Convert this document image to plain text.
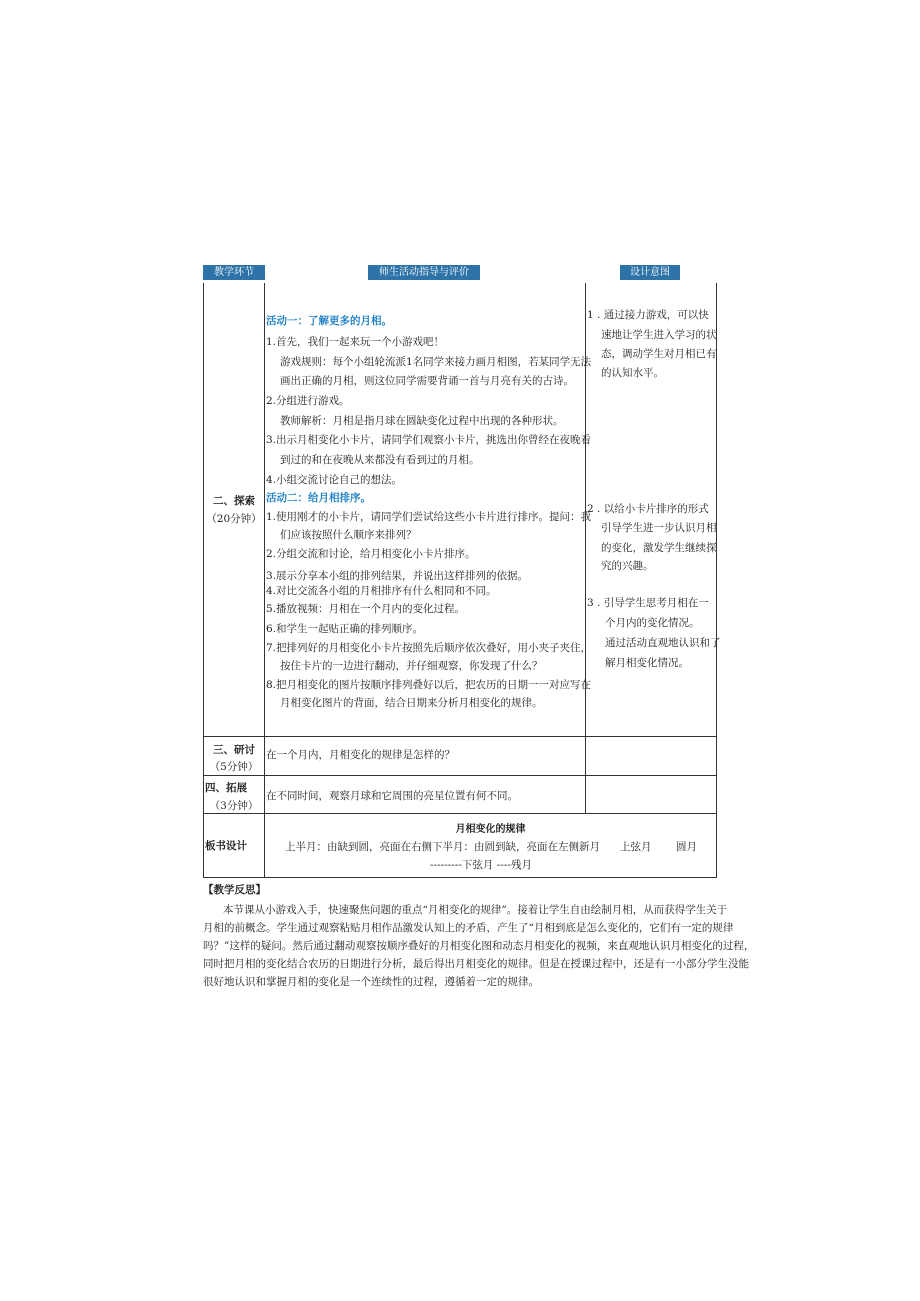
教学环节	师生活动指导与评价	设计意图
二、探索
（20分钟）
活动一：了解更多的月相。
1.首先，我们一起来玩一个小游戏吧！
游戏规则：每个小组轮流派1名同学来接力画月相图，若某同学无法
画出正确的月相，则这位同学需要背诵一首与月亮有关的古诗。
2.分组进行游戏。
教师解析：月相是指月球在圆缺变化过程中出现的各种形状。
3.出示月相变化小卡片，请同学们观察小卡片，挑选出你曾经在夜晚看
到过的和在夜晚从来都没有看到过的月相。
4.小组交流讨论自己的想法。
活动二：给月相排序。
1.使用刚才的小卡片，请同学们尝试给这些小卡片进行排序。提问：我
们应该按照什么顺序来排列？
2.分组交流和讨论，给月相变化小卡片排序。
3.展示分享本小组的排列结果，并说出这样排列的依据。
4.对比交流各小组的月相排序有什么相同和不同。
5.播放视频：月相在一个月内的变化过程。
6.和学生一起贴正确的排列顺序。
7.把排列好的月相变化小卡片按照先后顺序依次叠好，用小夹子夹住，
按住卡片的一边进行翻动，并仔细观察，你发现了什么？
8.把月相变化的图片按顺序排列叠好以后，把农历的日期一一对应写在
月相变化图片的背面，结合日期来分析月相变化的规律。
1 . 通过接力游戏，可以快
速地让学生进入学习的状
态，调动学生对月相已有
的认知水平。
2 . 以给小卡片排序的形式
引导学生进一步认识月相
的变化，激发学生继续探
究的兴趣。
3 . 引导学生思考月相在一
个月内的变化情况。
通过活动直观地认识和了
解月相变化情况。
三、研讨
（5分钟）
在一个月内，月相变化的规律是怎样的？
四、拓展
（3分钟）
在不同时间，观察月球和它周围的亮星位置有何不同。
板书设计
月相变化的规律
上半月：由缺到圆，亮面在右侧下半月：由圆到缺，亮面在左侧新月 上弦月 圆月
---------下弦月 ----残月
【教学反思】
本节课从小游戏入手，快速聚焦问题的重点“月相变化的规律”。接着让学生自由绘制月相，从而获得学生关于
月相的前概念。学生通过观察粘贴月相作品激发认知上的矛盾，产生了“月相到底是怎么变化的，它们有一定的规律
吗？”这样的疑问。然后通过翻动观察按顺序叠好的月相变化图和动态月相变化的视频，来直观地认识月相变化的过程，
同时把月相的变化结合农历的日期进行分析，最后得出月相变化的规律。但是在授课过程中，还是有一小部分学生没能
很好地认识和掌握月相的变化是一个连续性的过程，遵循着一定的规律。
